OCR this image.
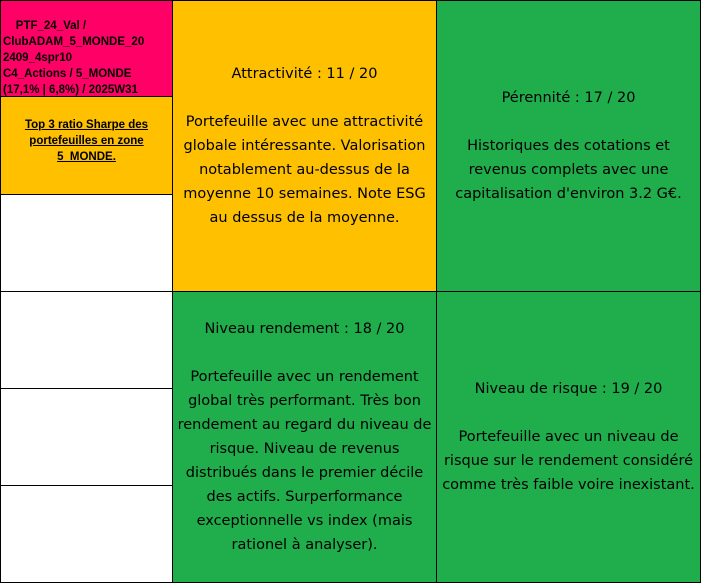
PTF_24_Val /
ClubADAM_5_MONDE_20
2409_4spr10
C4_Actions / 5_MONDE
(17,1% | 6,8%) / 2025W31

Top 3 ratio Sharpe des portefeuilles en zone 5_MONDE.
Attractivité : 11 / 20
Portefeuille avec une attractivité globale intéressante. Valorisation notablement au-dessus de la moyenne 10 semaines. Note ESG au dessus de la moyenne.
Pérennité : 17 / 20
Historiques des cotations et revenus complets avec une capitalisation d'environ 3.2 G€.
Niveau rendement : 18 / 20
Portefeuille avec un rendement global très performant. Très bon rendement au regard du niveau de risque. Niveau de revenus distribués dans le premier décile des actifs. Surperformance exceptionnelle vs index (mais rationel à analyser).
Niveau de risque : 19 / 20
Portefeuille avec un niveau de risque sur le rendement considéré comme très faible voire inexistant.
